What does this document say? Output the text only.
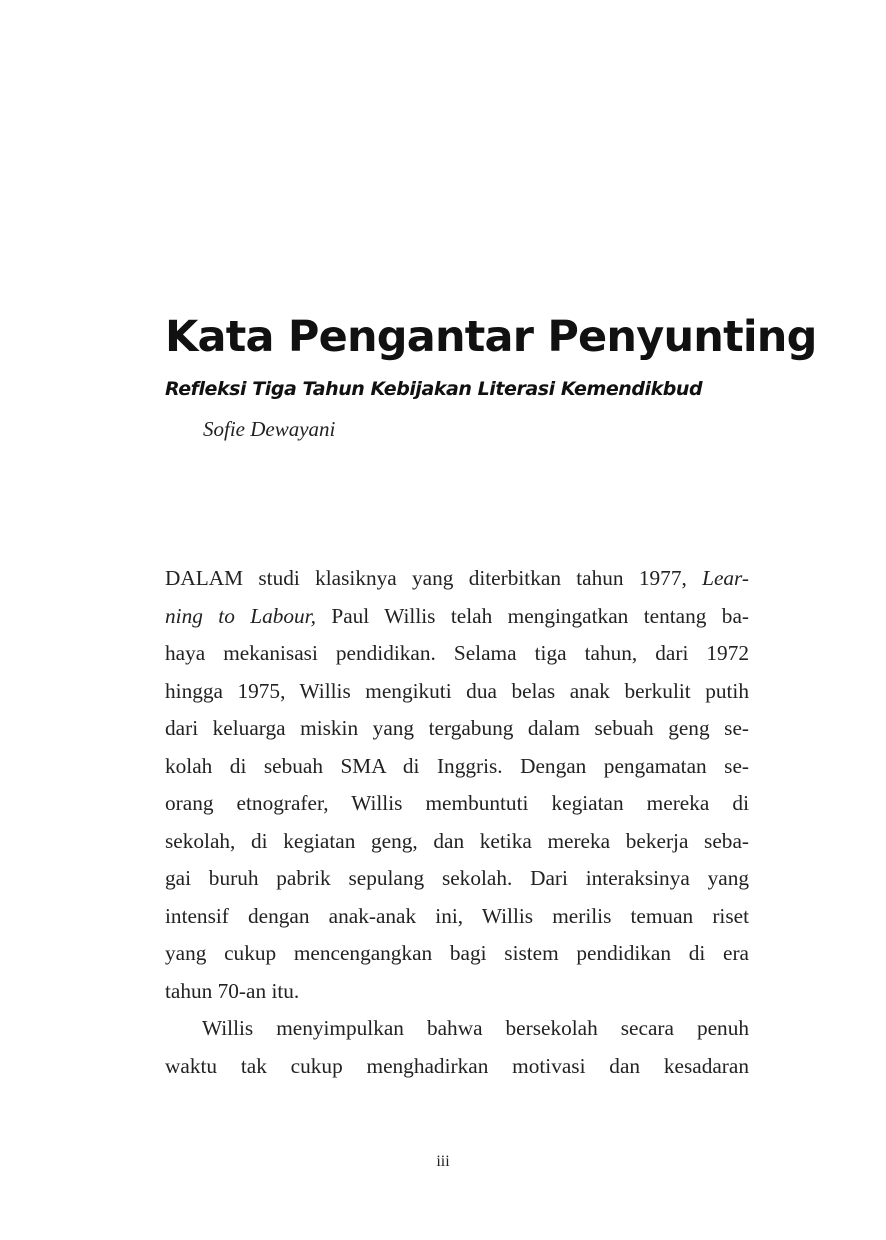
Kata Pengantar Penyunting

Refleksi Tiga Tahun Kebijakan Literasi Kemendikbud

Sofie Dewayani

DALAM studi klasiknya yang diterbitkan tahun 1977, Lear-
ning to Labour, Paul Willis telah mengingatkan tentang ba-
haya mekanisasi pendidikan. Selama tiga tahun, dari 1972
hingga 1975, Willis mengikuti dua belas anak berkulit putih
dari keluarga miskin yang tergabung dalam sebuah geng se-
kolah di sebuah SMA di Inggris. Dengan pengamatan se-
orang etnografer, Willis membuntuti kegiatan mereka di
sekolah, di kegiatan geng, dan ketika mereka bekerja seba-
gai buruh pabrik sepulang sekolah. Dari interaksinya yang
intensif dengan anak-anak ini, Willis merilis temuan riset
yang cukup mencengangkan bagi sistem pendidikan di era
tahun 70-an itu.
Willis menyimpulkan bahwa bersekolah secara penuh
waktu tak cukup menghadirkan motivasi dan kesadaran
iii
